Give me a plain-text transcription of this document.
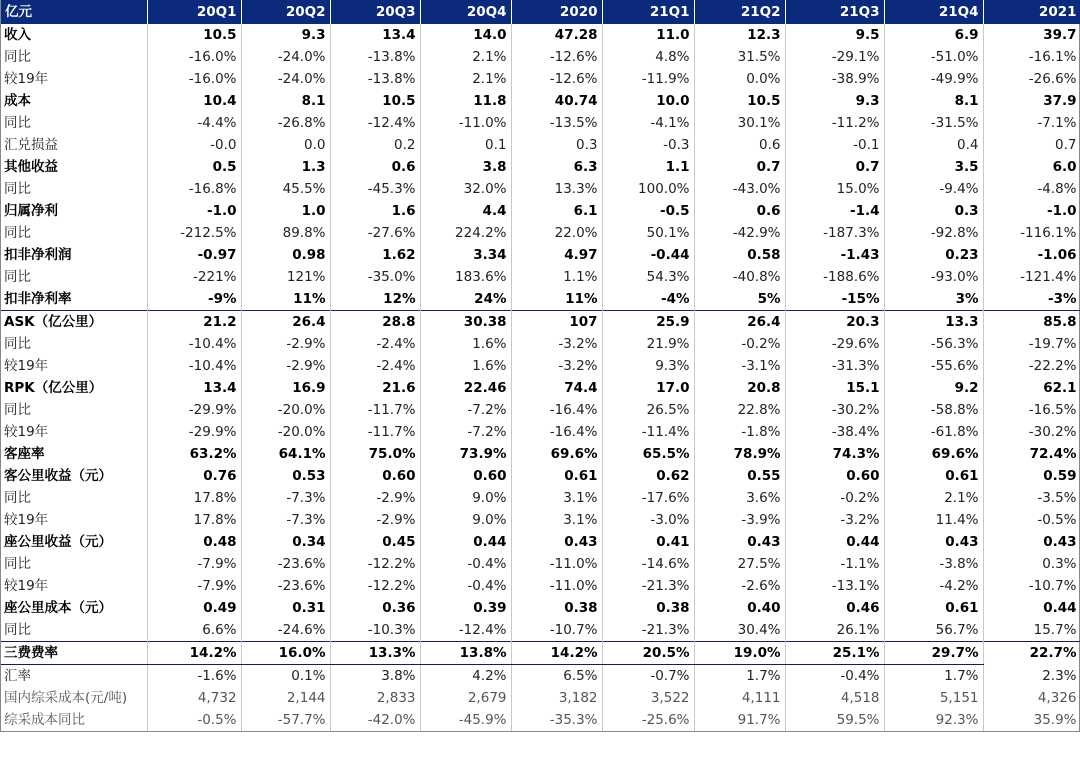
亿元	20Q1	20Q2	20Q3	20Q4	2020	21Q1	21Q2	21Q3	21Q4	2021
收入	10.5	9.3	13.4	14.0	47.28	11.0	12.3	9.5	6.9	39.7
同比	-16.0%	-24.0%	-13.8%	2.1%	-12.6%	4.8%	31.5%	-29.1%	-51.0%	-16.1%
较19年	-16.0%	-24.0%	-13.8%	2.1%	-12.6%	-11.9%	0.0%	-38.9%	-49.9%	-26.6%
成本	10.4	8.1	10.5	11.8	40.74	10.0	10.5	9.3	8.1	37.9
同比	-4.4%	-26.8%	-12.4%	-11.0%	-13.5%	-4.1%	30.1%	-11.2%	-31.5%	-7.1%
汇兑损益	-0.0	0.0	0.2	0.1	0.3	-0.3	0.6	-0.1	0.4	0.7
其他收益	0.5	1.3	0.6	3.8	6.3	1.1	0.7	0.7	3.5	6.0
同比	-16.8%	45.5%	-45.3%	32.0%	13.3%	100.0%	-43.0%	15.0%	-9.4%	-4.8%
归属净利	-1.0	1.0	1.6	4.4	6.1	-0.5	0.6	-1.4	0.3	-1.0
同比	-212.5%	89.8%	-27.6%	224.2%	22.0%	50.1%	-42.9%	-187.3%	-92.8%	-116.1%
扣非净利润	-0.97	0.98	1.62	3.34	4.97	-0.44	0.58	-1.43	0.23	-1.06
同比	-221%	121%	-35.0%	183.6%	1.1%	54.3%	-40.8%	-188.6%	-93.0%	-121.4%
扣非净利率	-9%	11%	12%	24%	11%	-4%	5%	-15%	3%	-3%
ASK（亿公里）	21.2	26.4	28.8	30.38	107	25.9	26.4	20.3	13.3	85.8
同比	-10.4%	-2.9%	-2.4%	1.6%	-3.2%	21.9%	-0.2%	-29.6%	-56.3%	-19.7%
较19年	-10.4%	-2.9%	-2.4%	1.6%	-3.2%	9.3%	-3.1%	-31.3%	-55.6%	-22.2%
RPK（亿公里）	13.4	16.9	21.6	22.46	74.4	17.0	20.8	15.1	9.2	62.1
同比	-29.9%	-20.0%	-11.7%	-7.2%	-16.4%	26.5%	22.8%	-30.2%	-58.8%	-16.5%
较19年	-29.9%	-20.0%	-11.7%	-7.2%	-16.4%	-11.4%	-1.8%	-38.4%	-61.8%	-30.2%
客座率	63.2%	64.1%	75.0%	73.9%	69.6%	65.5%	78.9%	74.3%	69.6%	72.4%
客公里收益（元）	0.76	0.53	0.60	0.60	0.61	0.62	0.55	0.60	0.61	0.59
同比	17.8%	-7.3%	-2.9%	9.0%	3.1%	-17.6%	3.6%	-0.2%	2.1%	-3.5%
较19年	17.8%	-7.3%	-2.9%	9.0%	3.1%	-3.0%	-3.9%	-3.2%	11.4%	-0.5%
座公里收益（元）	0.48	0.34	0.45	0.44	0.43	0.41	0.43	0.44	0.43	0.43
同比	-7.9%	-23.6%	-12.2%	-0.4%	-11.0%	-14.6%	27.5%	-1.1%	-3.8%	0.3%
较19年	-7.9%	-23.6%	-12.2%	-0.4%	-11.0%	-21.3%	-2.6%	-13.1%	-4.2%	-10.7%
座公里成本（元）	0.49	0.31	0.36	0.39	0.38	0.38	0.40	0.46	0.61	0.44
同比	6.6%	-24.6%	-10.3%	-12.4%	-10.7%	-21.3%	30.4%	26.1%	56.7%	15.7%
三费费率	14.2%	16.0%	13.3%	13.8%	14.2%	20.5%	19.0%	25.1%	29.7%	22.7%
汇率	-1.6%	0.1%	3.8%	4.2%	6.5%	-0.7%	1.7%	-0.4%	1.7%	2.3%
国内综采成本(元/吨)	4,732	2,144	2,833	2,679	3,182	3,522	4,111	4,518	5,151	4,326
综采成本同比	-0.5%	-57.7%	-42.0%	-45.9%	-35.3%	-25.6%	91.7%	59.5%	92.3%	35.9%
